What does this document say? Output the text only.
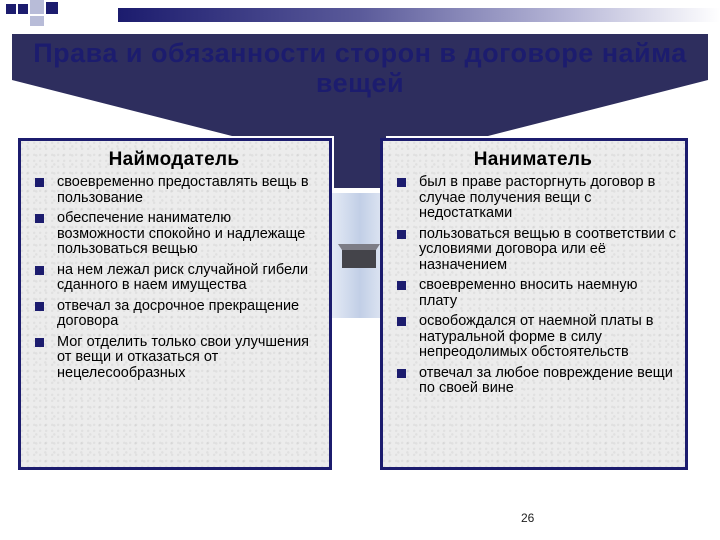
Права и обязанности сторон в договоре найма вещей
Наймодатель
своевременно предоставлять вещь в пользование
обеспечение нанимателю возможности спокойно и надлежаще пользоваться вещью
на нем лежал риск случайной гибели сданного в наем имущества
отвечал за досрочное прекращение договора
Мог отделить только свои улучшения от вещи и отказаться от нецелесообразных
Наниматель
был в праве расторгнуть договор в случае получения вещи с недостатками
пользоваться вещью в соответствии с условиями договора или её назначением
своевременно вносить наемную плату
освобождался от наемной платы в натуральной форме в силу непреодолимых обстоятельств
отвечал за любое повреждение вещи по своей вине
26
